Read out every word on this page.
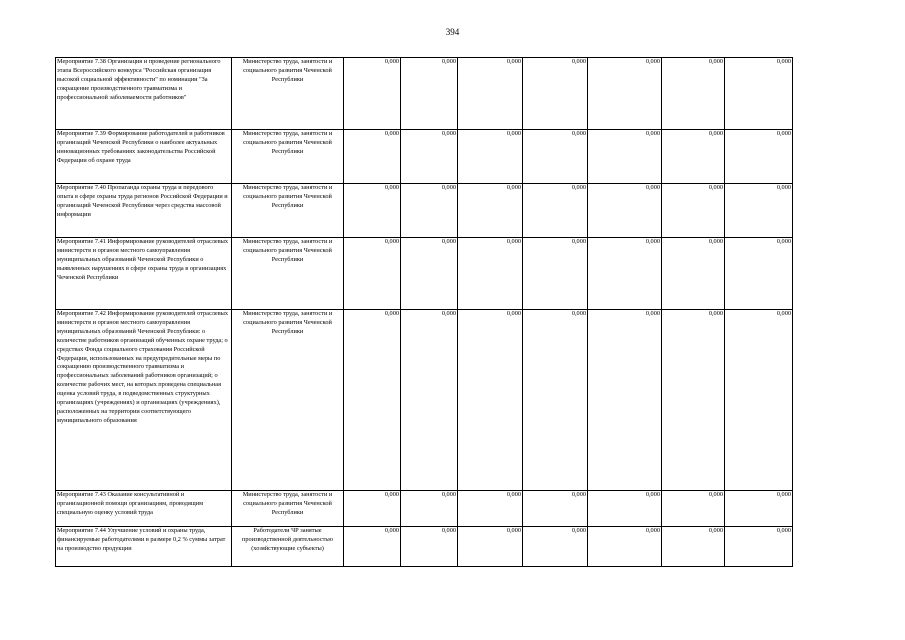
394
Мероприятие 7.38 Организация и проведение регионального этапа Всероссийского конкурса "Российская организация высокой социальной эффективности" по номинации "За сокращение производственного травматизма и профессиональной заболеваемости работников"	Министерство труда, занятости и социального развития Чеченской Республики	0,000	0,000	0,000	0,000	0,000	0,000	0,000
Мероприятие 7.39 Формирование работодателей и работников организаций Чеченской Республики о наиболее актуальных инновационных требованиях законодательства Российской Федерации об охране труда	Министерство труда, занятости и социального развития Чеченской Республики	0,000	0,000	0,000	0,000	0,000	0,000	0,000
Мероприятие 7.40 Пропаганда охраны труда и передового опыта в сфере охраны труда регионов Российской Федерации и организаций Чеченской Республики через средства массовой информации	Министерство труда, занятости и социального развития Чеченской Республики	0,000	0,000	0,000	0,000	0,000	0,000	0,000
Мероприятие 7.41 Информирование руководителей отраслевых министерств и органов местного самоуправления муниципальных образований Чеченской Республики о выявленных нарушениях в сфере охраны труда в организациях Чеченской Республики	Министерство труда, занятости и социального развития Чеченской Республики	0,000	0,000	0,000	0,000	0,000	0,000	0,000
Мероприятие 7.42 Информирование руководителей отраслевых министерств и органов местного самоуправления муниципальных образований Чеченской Республики: о количестве работников организаций обученных охране труда; о средствах Фонда социального страхования Российской Федерации, использованных на предупредительные меры по сокращению производственного травматизма и профессиональных заболеваний работников организаций; о количестве рабочих мест, на которых проведена специальная оценка условий труда, в подведомственных структурных организациях (учреждениях) и организациях (учреждениях), расположенных на территории соответствующего муниципального образования	Министерство труда, занятости и социального развития Чеченской Республики	0,000	0,000	0,000	0,000	0,000	0,000	0,000
Мероприятие 7.43 Оказание консультативной и организационной помощи организациям, проводящим специальную оценку условий труда	Министерство труда, занятости и социального развития Чеченской Республики	0,000	0,000	0,000	0,000	0,000	0,000	0,000
Мероприятие 7.44 Улучшение условий и охраны труда, финансируемые работодателями в размере 0,2 % суммы затрат на производство продукции	Работодатели ЧР занятые производственной деятельностью (хозяйствующие субъекты)	0,000	0,000	0,000	0,000	0,000	0,000	0,000
